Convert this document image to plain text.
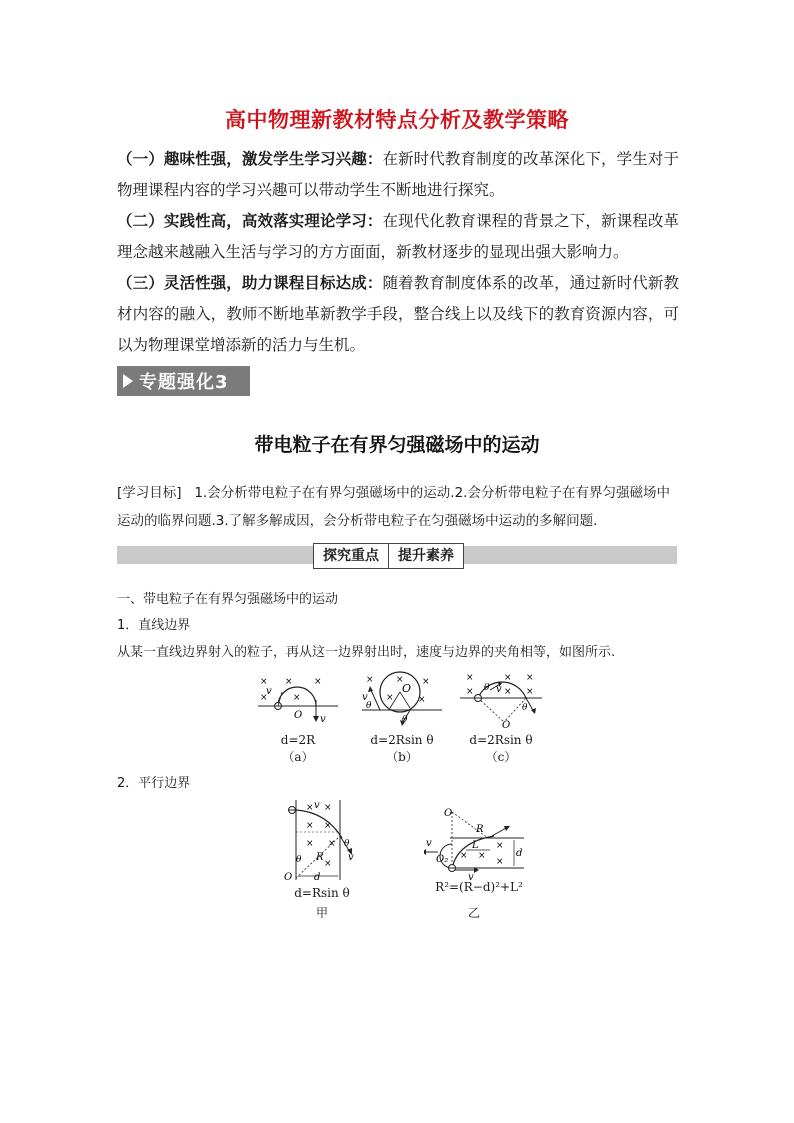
高中物理新教材特点分析及教学策略
（一）趣味性强，激发学生学习兴趣：在新时代教育制度的改革深化下，学生对于物理课程内容的学习兴趣可以带动学生不断地进行探究。
（二）实践性高，高效落实理论学习：在现代化教育课程的背景之下，新课程改革理念越来越融入生活与学习的方方面面，新教材逐步的显现出强大影响力。
（三）灵活性强，助力课程目标达成：随着教育制度体系的改革，通过新时代新教材内容的融入，教师不断地革新教学手段，整合线上以及线下的教育资源内容，可以为物理课堂增添新的活力与生机。
专题强化3
带电粒子在有界匀强磁场中的运动
[学习目标] 1.会分析带电粒子在有界匀强磁场中的运动.2.会分析带电粒子在有界匀强磁场中运动的临界问题.3.了解多解成因，会分析带电粒子在匀强磁场中运动的多解问题.
探究重点	提升素养
一、带电粒子在有界匀强磁场中的运动
1．直线边界
从某一直线边界射入的粒子，再从这一边界射出时，速度与边界的夹角相等，如图所示.
× × ×
×	×
v
O v
d=2R
（a）
× × ×
×	×
O
v
θ
θ
d=2Rsin θ
（b）
×	× ×
×	× ×
θ v
θ
O
d=2Rsin θ
（c）
2．平行边界
× ×
v
× ×
× ×
×
θ
θ
R v
O d
d=Rsin θ
甲
O
R
L
× ×
×
×
d
v
O₂
v
R²=(R−d)²+L²
乙
